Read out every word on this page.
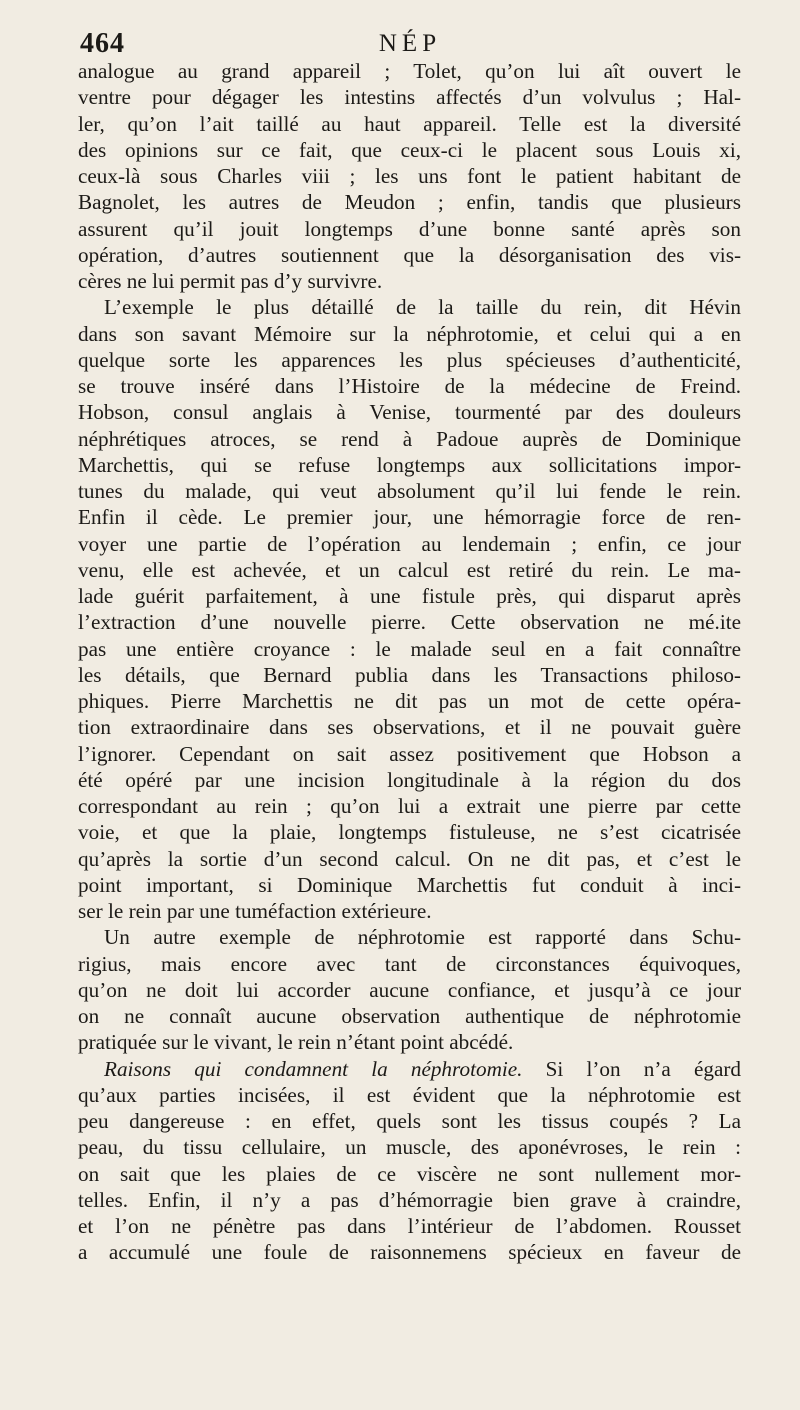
464	NÉP
analogue au grand appareil ; Tolet, qu’on lui aît ouvert le
ventre pour dégager les intestins affectés d’un volvulus ; Hal-
ler, qu’on l’ait taillé au haut appareil. Telle est la diversité
des opinions sur ce fait, que ceux-ci le placent sous Louis xi,
ceux-là sous Charles viii ; les uns font le patient habitant de
Bagnolet, les autres de Meudon ; enfin, tandis que plusieurs
assurent qu’il jouit longtemps d’une bonne santé après son
opération, d’autres soutiennent que la désorganisation des vis-
cères ne lui permit pas d’y survivre.
L’exemple le plus détaillé de la taille du rein, dit Hévin
dans son savant Mémoire sur la néphrotomie, et celui qui a en
quelque sorte les apparences les plus spécieuses d’authenticité,
se trouve inséré dans l’Histoire de la médecine de Freind.
Hobson, consul anglais à Venise, tourmenté par des douleurs
néphrétiques atroces, se rend à Padoue auprès de Dominique
Marchettis, qui se refuse longtemps aux sollicitations impor-
tunes du malade, qui veut absolument qu’il lui fende le rein.
Enfin il cède. Le premier jour, une hémorragie force de ren-
voyer une partie de l’opération au lendemain ; enfin, ce jour
venu, elle est achevée, et un calcul est retiré du rein. Le ma-
lade guérit parfaitement, à une fistule près, qui disparut après
l’extraction d’une nouvelle pierre. Cette observation ne mé.ite
pas une entière croyance : le malade seul en a fait connaître
les détails, que Bernard publia dans les Transactions philoso-
phiques. Pierre Marchettis ne dit pas un mot de cette opéra-
tion extraordinaire dans ses observations, et il ne pouvait guère
l’ignorer. Cependant on sait assez positivement que Hobson a
été opéré par une incision longitudinale à la région du dos
correspondant au rein ; qu’on lui a extrait une pierre par cette
voie, et que la plaie, longtemps fistuleuse, ne s’est cicatrisée
qu’après la sortie d’un second calcul. On ne dit pas, et c’est le
point important, si Dominique Marchettis fut conduit à inci-
ser le rein par une tuméfaction extérieure.
Un autre exemple de néphrotomie est rapporté dans Schu-
rigius, mais encore avec tant de circonstances équivoques,
qu’on ne doit lui accorder aucune confiance, et jusqu’à ce jour
on ne connaît aucune observation authentique de néphrotomie
pratiquée sur le vivant, le rein n’étant point abcédé.
Raisons qui condamnent la néphrotomie. Si l’on n’a égard
qu’aux parties incisées, il est évident que la néphrotomie est
peu dangereuse : en effet, quels sont les tissus coupés ? La
peau, du tissu cellulaire, un muscle, des aponévroses, le rein :
on sait que les plaies de ce viscère ne sont nullement mor-
telles. Enfin, il n’y a pas d’hémorragie bien grave à craindre,
et l’on ne pénètre pas dans l’intérieur de l’abdomen. Rousset
a accumulé une foule de raisonnemens spécieux en faveur de
